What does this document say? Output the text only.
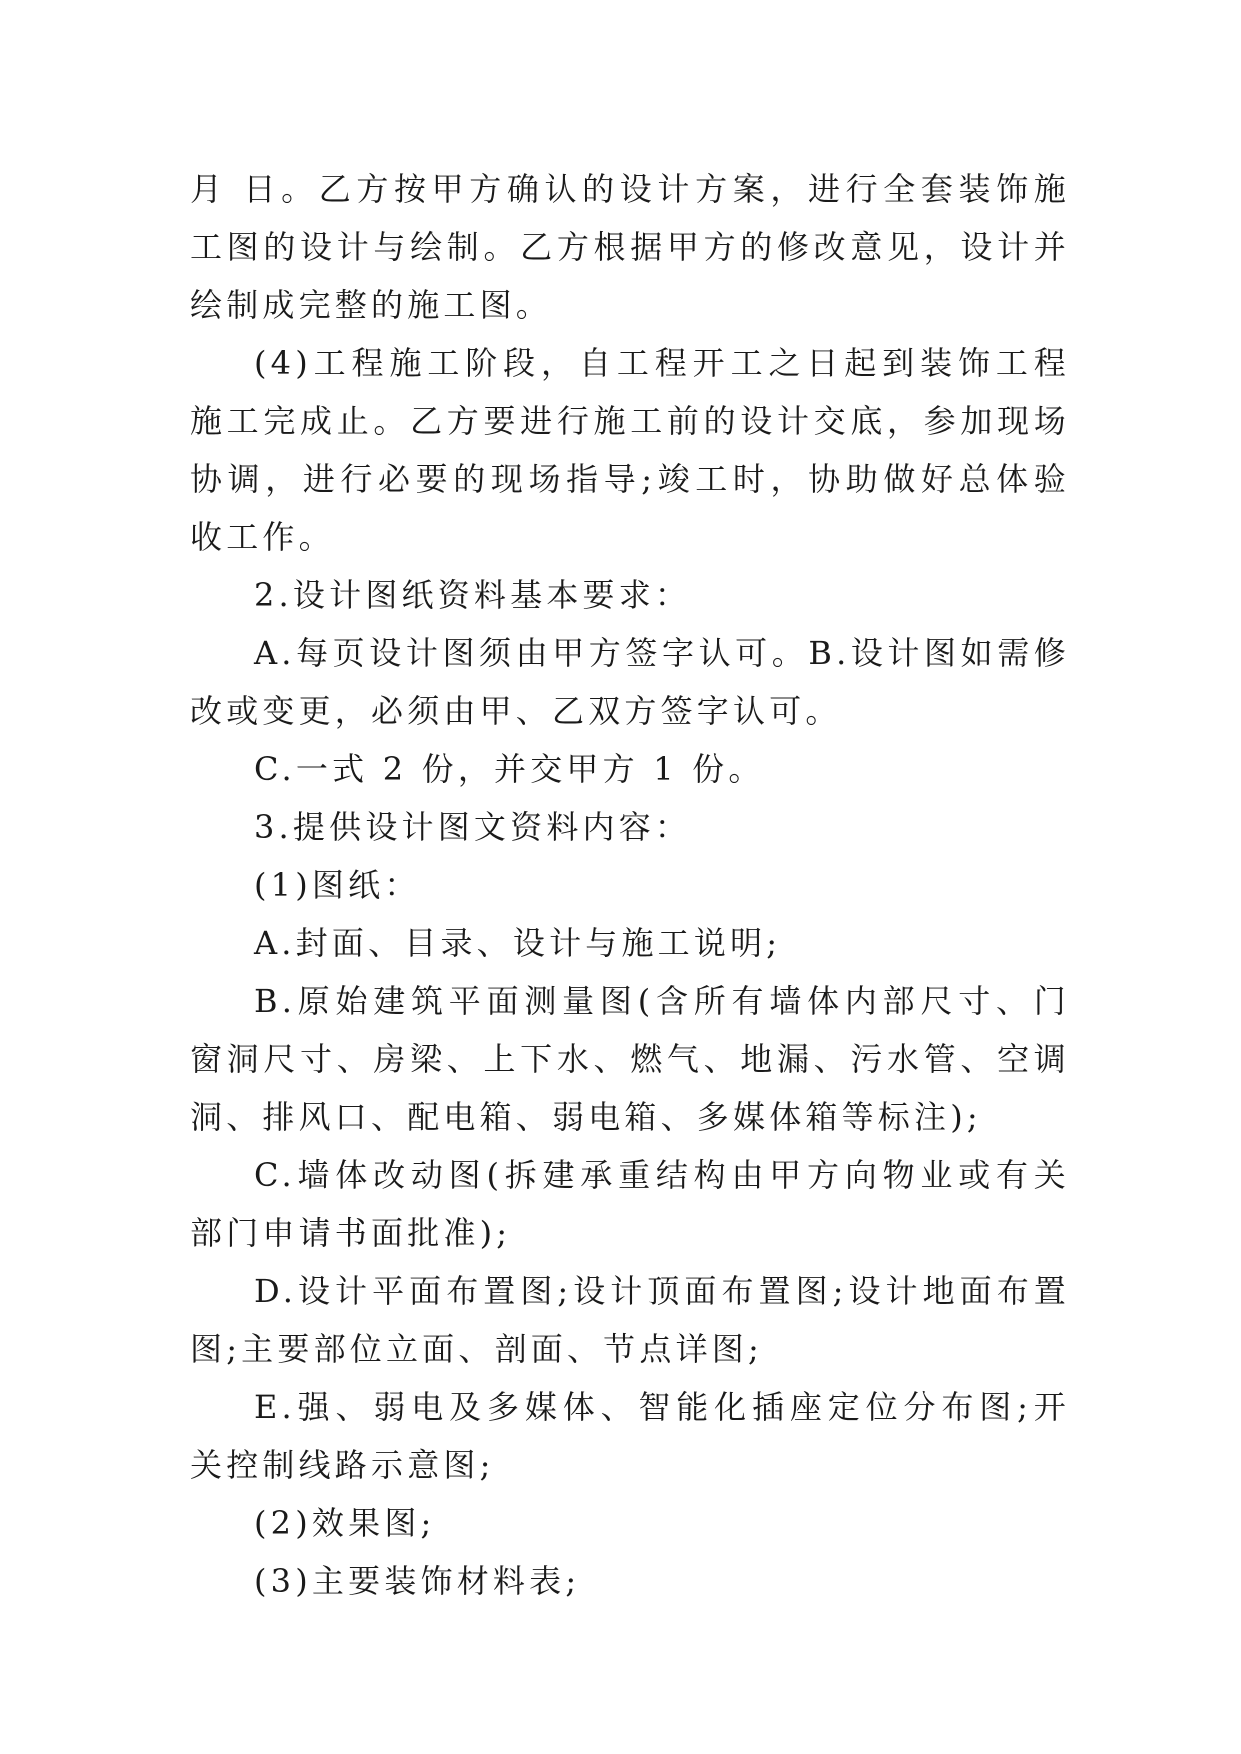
月 日。乙方按甲方确认的设计方案，进行全套装饰施工图的设计与绘制。乙方根据甲方的修改意见，设计并绘制成完整的施工图。

(4)工程施工阶段，自工程开工之日起到装饰工程施工完成止。乙方要进行施工前的设计交底，参加现场协调，进行必要的现场指导;竣工时，协助做好总体验收工作。

2.设计图纸资料基本要求：

A.每页设计图须由甲方签字认可。B.设计图如需修改或变更，必须由甲、乙双方签字认可。

C.一式 2 份，并交甲方 1 份。

3.提供设计图文资料内容：

(1)图纸：

A.封面、目录、设计与施工说明;

B.原始建筑平面测量图(含所有墙体内部尺寸、门窗洞尺寸、房梁、上下水、燃气、地漏、污水管、空调洞、排风口、配电箱、弱电箱、多媒体箱等标注);

C.墙体改动图(拆建承重结构由甲方向物业或有关部门申请书面批准);

D.设计平面布置图;设计顶面布置图;设计地面布置图;主要部位立面、剖面、节点详图;

E.强、弱电及多媒体、智能化插座定位分布图;开关控制线路示意图;

(2)效果图;

(3)主要装饰材料表;
